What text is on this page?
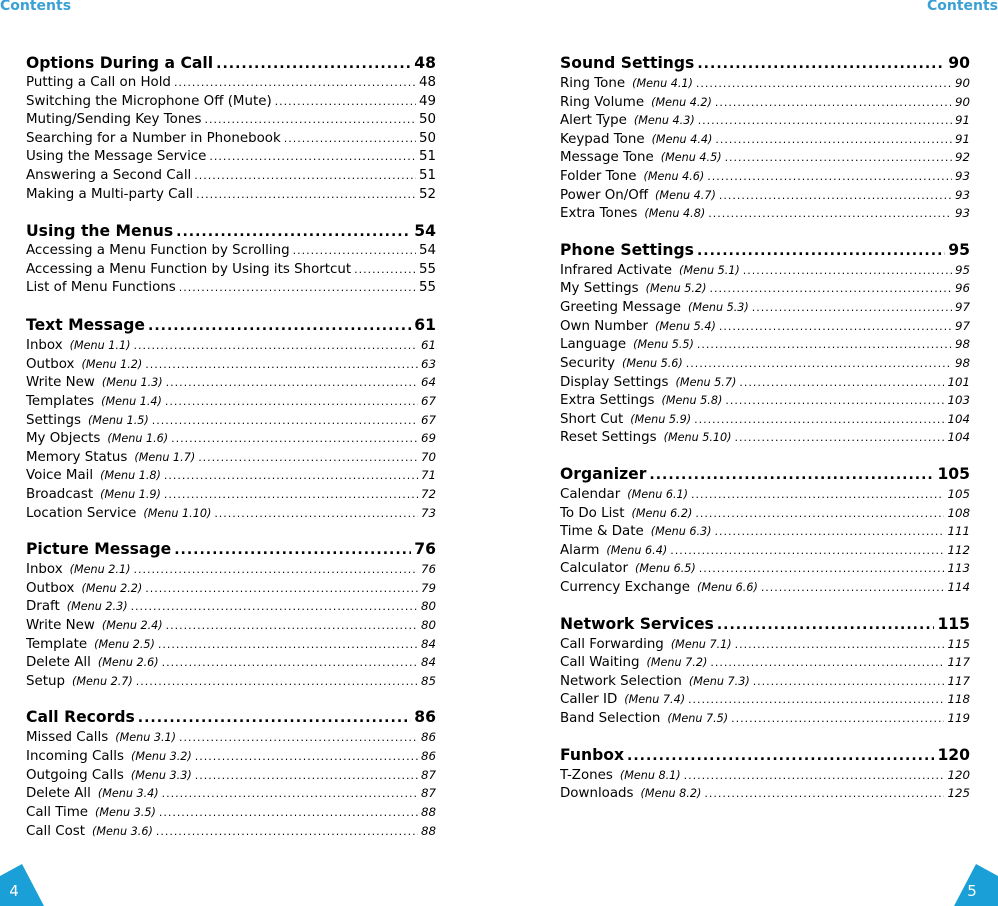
Contents	Contents
Options During a Call .....	48
Putting a Call on Hold .....	48
Switching the Microphone Off (Mute) .....	49
Muting/Sending Key Tones .....	50
Searching for a Number in Phonebook .....	50
Using the Message Service .....	51
Answering a Second Call .....	51
Making a Multi-party Call .....	52
Using the Menus .....	54
Accessing a Menu Function by Scrolling .....	54
Accessing a Menu Function by Using its Shortcut .....	55
List of Menu Functions .....	55
Text Message .....	61
Inbox (Menu 1.1) .....	61
Outbox (Menu 1.2) .....	63
Write New (Menu 1.3) .....	64
Templates (Menu 1.4) .....	67
Settings (Menu 1.5) .....	67
My Objects (Menu 1.6) .....	69
Memory Status (Menu 1.7) .....	70
Voice Mail (Menu 1.8) .....	71
Broadcast (Menu 1.9) .....	72
Location Service (Menu 1.10) .....	73
Picture Message .....	76
Inbox (Menu 2.1) .....	76
Outbox (Menu 2.2) .....	79
Draft (Menu 2.3) .....	80
Write New (Menu 2.4) .....	80
Template (Menu 2.5) .....	84
Delete All (Menu 2.6) .....	84
Setup (Menu 2.7) .....	85
Call Records .....	86
Missed Calls (Menu 3.1) .....	86
Incoming Calls (Menu 3.2) .....	86
Outgoing Calls (Menu 3.3) .....	87
Delete All (Menu 3.4) .....	87
Call Time (Menu 3.5) .....	88
Call Cost (Menu 3.6) .....	88
Sound Settings .....	90
Ring Tone (Menu 4.1) .....	90
Ring Volume (Menu 4.2) .....	90
Alert Type (Menu 4.3) .....	91
Keypad Tone (Menu 4.4) .....	91
Message Tone (Menu 4.5) .....	92
Folder Tone (Menu 4.6) .....	93
Power On/Off (Menu 4.7) .....	93
Extra Tones (Menu 4.8) .....	93
Phone Settings .....	95
Infrared Activate (Menu 5.1) .....	95
My Settings (Menu 5.2) .....	96
Greeting Message (Menu 5.3) .....	97
Own Number (Menu 5.4) .....	97
Language (Menu 5.5) .....	98
Security (Menu 5.6) .....	98
Display Settings (Menu 5.7) .....	101
Extra Settings (Menu 5.8) .....	103
Short Cut (Menu 5.9) .....	104
Reset Settings (Menu 5.10) .....	104
Organizer .....	105
Calendar (Menu 6.1) .....	105
To Do List (Menu 6.2) .....	108
Time & Date (Menu 6.3) .....	111
Alarm (Menu 6.4) .....	112
Calculator (Menu 6.5) .....	113
Currency Exchange (Menu 6.6) .....	114
Network Services .....	115
Call Forwarding (Menu 7.1) .....	115
Call Waiting (Menu 7.2) .....	117
Network Selection (Menu 7.3) .....	117
Caller ID (Menu 7.4) .....	118
Band Selection (Menu 7.5) .....	119
Funbox .....	120
T-Zones (Menu 8.1) .....	120
Downloads (Menu 8.2) .....	125
4	5
